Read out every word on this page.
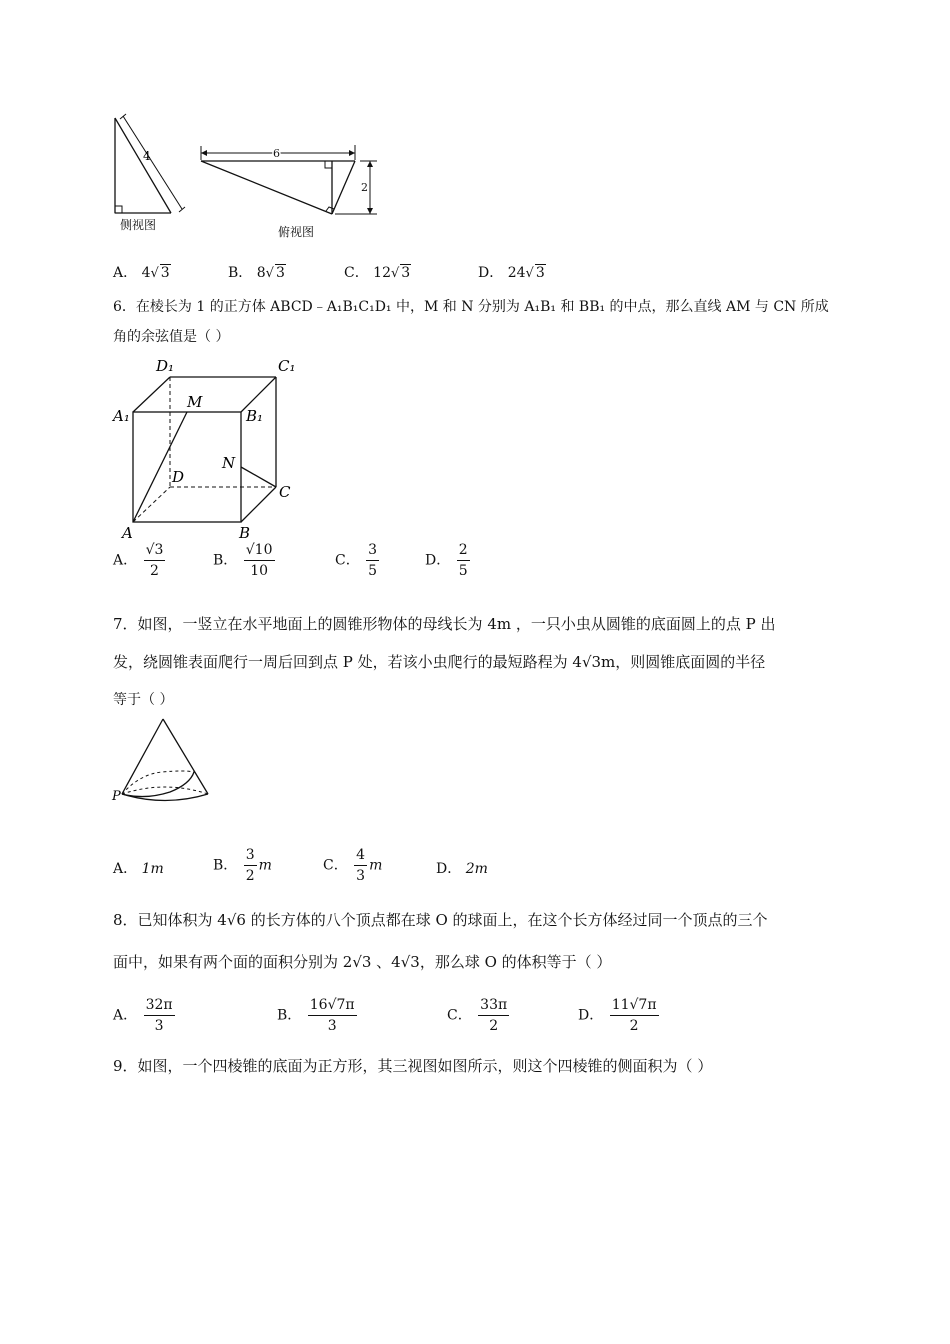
4
侧视图
6
2
俯视图
A． 4√ 3	B． 8√ 3	C． 12√ 3	D． 24√ 3
6．在棱长为 1 的正方体 ABCD﹣A₁B₁C₁D₁ 中，M 和 N 分别为 A₁B₁ 和 BB₁ 的中点，那么直线 AM 与 CN 所成
角的余弦值是（ ）
D₁	C₁
A₁	B₁
M
N
D
C
A	B
A． $\frac{√3}{2}$	B． $\frac{√10}{10}$	C． $\frac{3}{5}$	D． $\frac{2}{5}$
7．如图，一竖立在水平地面上的圆锥形物体的母线长为 4m ，一只小虫从圆锥的底面圆上的点 P 出
发，绕圆锥表面爬行一周后回到点 P 处，若该小虫爬行的最短路程为 4√3m，则圆锥底面圆的半径
等于（ ）
P
A． 1m	B． $\frac{3}{2}$ m	C． $\frac{4}{3}$ m	D． 2m
8．已知体积为 4√6 的长方体的八个顶点都在球 O 的球面上，在这个长方体经过同一个顶点的三个
面中，如果有两个面的面积分别为 2√3 、4√3，那么球 O 的体积等于（ ）
A． $\frac{32\pi}{3}$	B． $\frac{16√7\pi}{3}$	C． $\frac{33\pi}{2}$	D． $\frac{11√7\pi}{2}$
9．如图，一个四棱锥的底面为正方形，其三视图如图所示，则这个四棱锥的侧面积为（ ）
